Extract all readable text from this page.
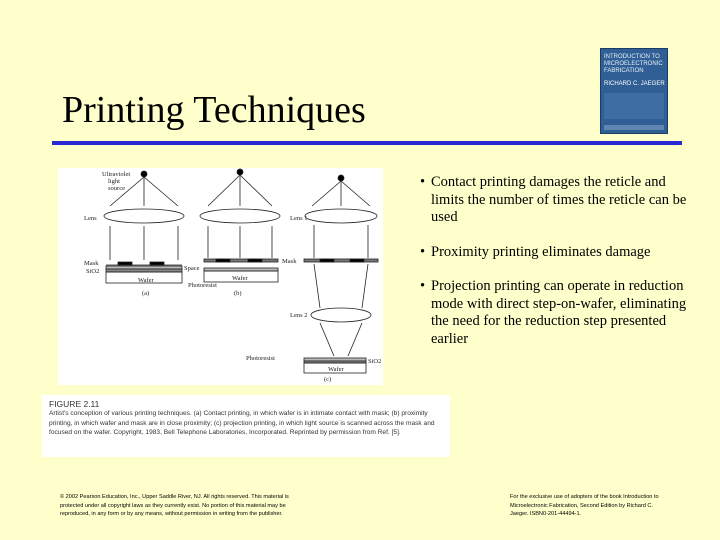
Printing Techniques
INTRODUCTION TO MICROELECTRONIC FABRICATION
RICHARD C. JAEGER
Ultraviolet
light
source
Lens	Lens 1
Lens 2
Mask	Mask
SiO2	Space
Photoresist
Wafer	Wafer
(a)	(b)
Photoresist	SiO2
Wafer
(c)
• Contact printing damages the reticle and limits the number of times the reticle can be used
• Proximity printing eliminates damage
• Projection printing can operate in reduction mode with direct step-on-wafer, eliminating the need for the reduction step presented earlier
FIGURE 2.11
Artist's conception of various printing techniques. (a) Contact printing, in which wafer is in intimate contact with mask; (b) proximity printing, in which wafer and mask are in close proximity; (c) projection printing, in which light source is scanned across the mask and focused on the wafer. Copyright, 1983, Bell Telephone Laboratories, Incorporated. Reprinted by permission from Ref. [5].
© 2002 Pearson Education, Inc., Upper Saddle River, NJ. All rights reserved. This material is protected under all copyright laws as they currently exist. No portion of this material may be reproduced, in any form or by any means, without permission in writing from the publisher.
For the exclusive use of adopters of the book Introduction to Microelectronic Fabrication, Second Edition by Richard C. Jaeger. ISBN0-201-44494-1.
